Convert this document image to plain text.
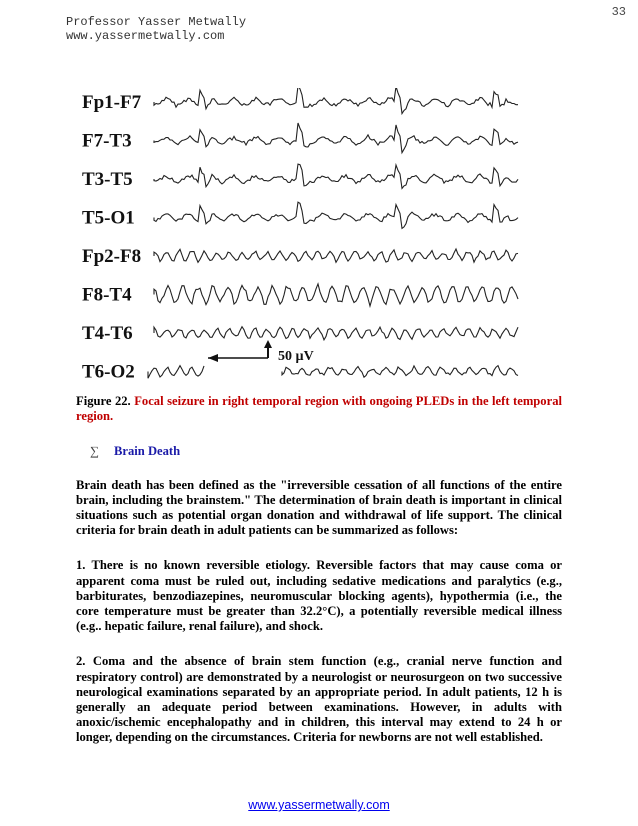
Professor Yasser Metwally
www.yassermetwally.com
33
Fp1-F7
F7-T3
T3-T5
T5-O1
Fp2-F8
F8-T4
T4-T6
T6-O2
50 µV

Figure 22. Focal seizure in right temporal region with ongoing PLEDs in the left temporal region.

∑	Brain Death

Brain death has been defined as the "irreversible cessation of all functions of the entire brain, including the brainstem." The determination of brain death is important in clinical situations such as potential organ donation and withdrawal of life support. The clinical criteria for brain death in adult patients can be summarized as follows:

1. There is no known reversible etiology. Reversible factors that may cause coma or apparent coma must be ruled out, including sedative medications and paralytics (e.g., barbiturates, benzodiazepines, neuromuscular blocking agents), hypothermia (i.e., the core temperature must be greater than 32.2°C), a potentially reversible medical illness (e.g.. hepatic failure, renal failure), and shock.

2. Coma and the absence of brain stem function (e.g., cranial nerve function and respiratory control) are demonstrated by a neurologist or neurosurgeon on two successive neurological examinations separated by an appropriate period. In adult patients, 12 h is generally an adequate period between examinations. However, in adults with anoxic/ischemic encephalopathy and in children, this interval may extend to 24 h or longer, depending on the circumstances. Criteria for newborns are not well established.

www.yassermetwally.com
